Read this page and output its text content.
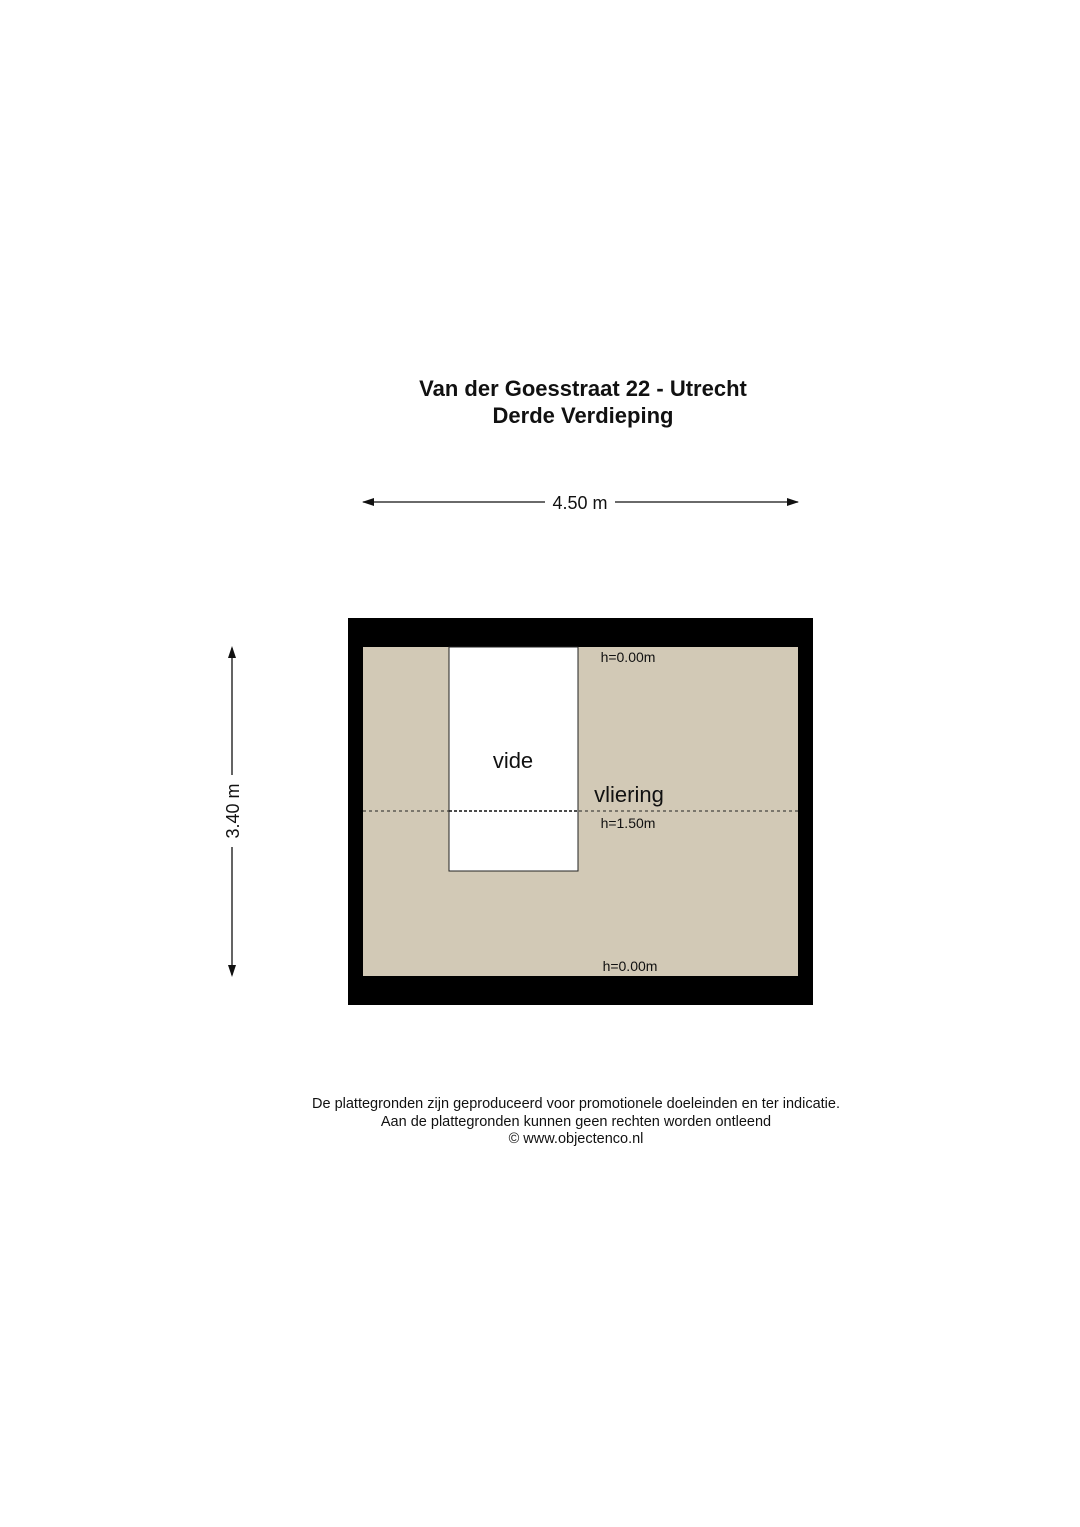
Van der Goesstraat 22 - Utrecht
Derde Verdieping
4.50 m
3.40 m
vide
vliering
h=0.00m
h=1.50m
h=0.00m

De plattegronden zijn geproduceerd voor promotionele doeleinden en ter indicatie.

Aan de plattegronden kunnen geen rechten worden ontleend

© www.objectenco.nl
